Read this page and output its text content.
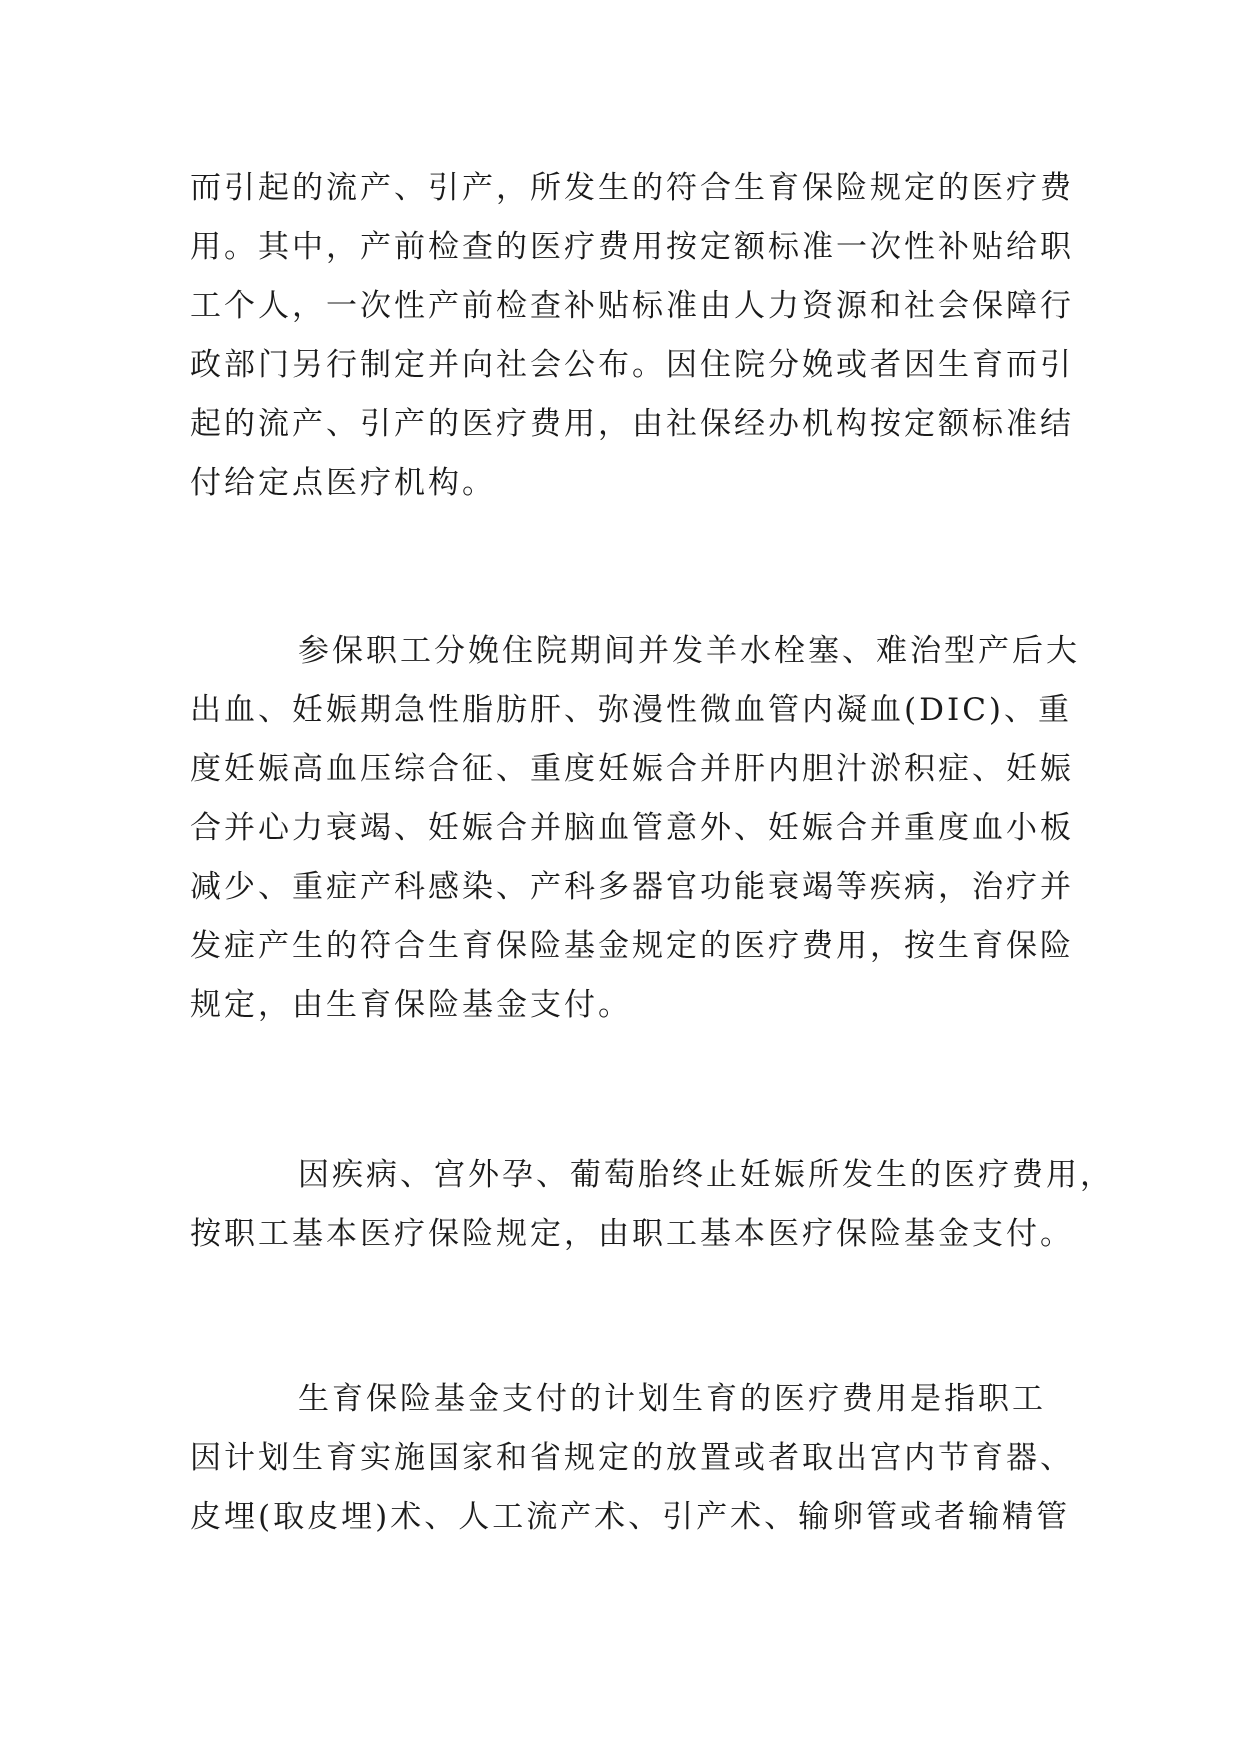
而引起的流产、引产，所发生的符合生育保险规定的医疗费
用。其中，产前检查的医疗费用按定额标准一次性补贴给职
工个人，一次性产前检查补贴标准由人力资源和社会保障行
政部门另行制定并向社会公布。因住院分娩或者因生育而引
起的流产、引产的医疗费用，由社保经办机构按定额标准结
付给定点医疗机构。
参保职工分娩住院期间并发羊水栓塞、难治型产后大
出血、妊娠期急性脂肪肝、弥漫性微血管内凝血(DIC)、重
度妊娠高血压综合征、重度妊娠合并肝内胆汁淤积症、妊娠
合并心力衰竭、妊娠合并脑血管意外、妊娠合并重度血小板
减少、重症产科感染、产科多器官功能衰竭等疾病，治疗并
发症产生的符合生育保险基金规定的医疗费用，按生育保险
规定，由生育保险基金支付。
因疾病、宫外孕、葡萄胎终止妊娠所发生的医疗费用，
按职工基本医疗保险规定，由职工基本医疗保险基金支付。
生育保险基金支付的计划生育的医疗费用是指职工
因计划生育实施国家和省规定的放置或者取出宫内节育器、
皮埋(取皮埋)术、人工流产术、引产术、输卵管或者输精管
